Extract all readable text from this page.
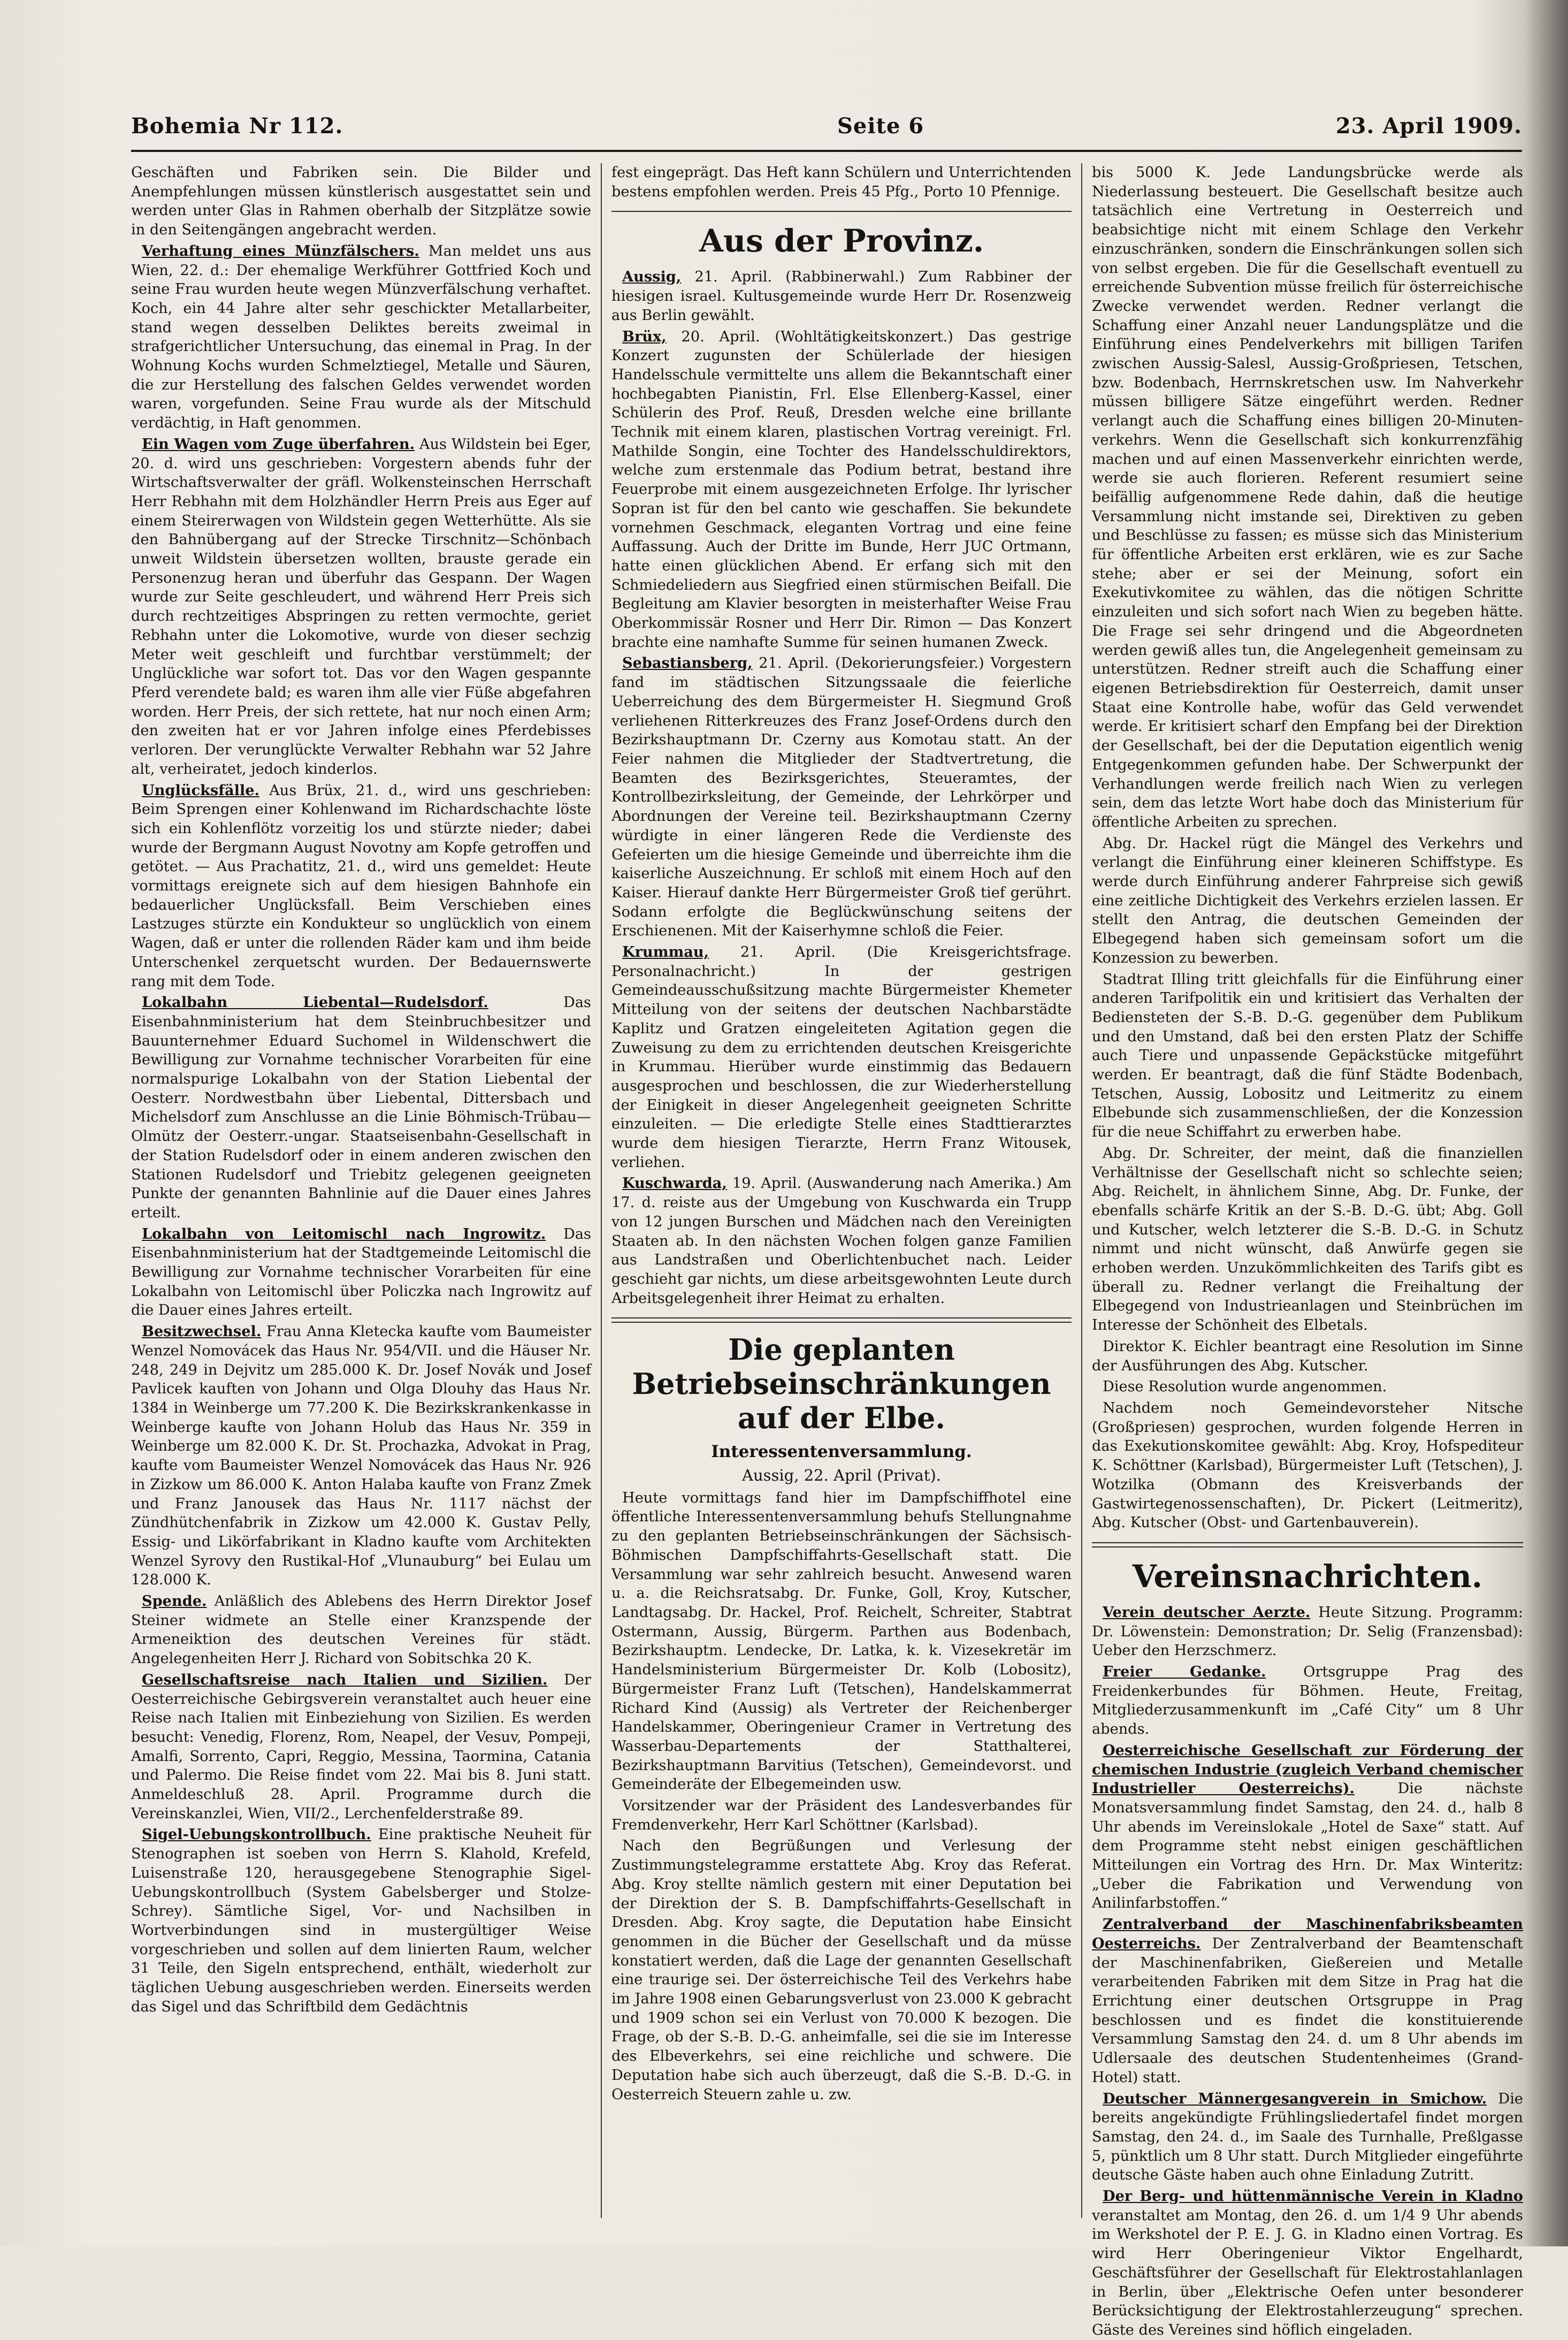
Bohemia Nr 112.	Seite 6	23. April 1909.

Geschäften und Fabriken sein. Die Bilder und Anempfehlungen müssen künstlerisch ausgestattet sein und werden unter Glas in Rahmen oberhalb der Sitzplätze sowie in den Seitengängen angebracht werden.

Verhaftung eines Münzfälschers. Man meldet uns aus Wien, 22. d.: Der ehemalige Werkführer Gottfried Koch und seine Frau wurden heute wegen Münzverfälschung verhaftet. Koch, ein 44 Jahre alter sehr geschickter Metallarbeiter, stand wegen desselben Deliktes bereits zweimal in strafgerichtlicher Untersuchung, das einemal in Prag. In der Wohnung Kochs wurden Schmelztiegel, Metalle und Säuren, die zur Herstellung des falschen Geldes verwendet worden waren, vorgefunden. Seine Frau wurde als der Mitschuld verdächtig, in Haft genommen.

Ein Wagen vom Zuge überfahren. Aus Wildstein bei Eger, 20. d. wird uns geschrieben: Vorgestern abends fuhr der Wirtschaftsverwalter der gräfl. Wolkensteinschen Herrschaft Herr Rebhahn mit dem Holzhändler Herrn Preis aus Eger auf einem Steirerwagen von Wildstein gegen Wetterhütte. Als sie den Bahnübergang auf der Strecke Tirschnitz—Schönbach unweit Wildstein übersetzen wollten, brauste gerade ein Personenzug heran und überfuhr das Gespann. Der Wagen wurde zur Seite geschleudert, und während Herr Preis sich durch rechtzeitiges Abspringen zu retten vermochte, geriet Rebhahn unter die Lokomotive, wurde von dieser sechzig Meter weit geschleift und furchtbar verstümmelt; der Unglückliche war sofort tot. Das vor den Wagen gespannte Pferd verendete bald; es waren ihm alle vier Füße abgefahren worden. Herr Preis, der sich rettete, hat nur noch einen Arm; den zweiten hat er vor Jahren infolge eines Pferdebisses verloren. Der verunglückte Verwalter Rebhahn war 52 Jahre alt, verheiratet, jedoch kinderlos.

Unglücksfälle. Aus Brüx, 21. d., wird uns geschrieben: Beim Sprengen einer Kohlenwand im Richardschachte löste sich ein Kohlenflötz vorzeitig los und stürzte nieder; dabei wurde der Bergmann August Novotny am Kopfe getroffen und getötet. — Aus Prachatitz, 21. d., wird uns gemeldet: Heute vormittags ereignete sich auf dem hiesigen Bahnhofe ein bedauerlicher Unglücksfall. Beim Verschieben eines Lastzuges stürzte ein Kondukteur so unglücklich von einem Wagen, daß er unter die rollenden Räder kam und ihm beide Unterschenkel zerquetscht wurden. Der Bedauernswerte rang mit dem Tode.

Lokalbahn Liebental—Rudelsdorf.	Das Eisenbahnministerium hat dem Steinbruchbesitzer und Bauunternehmer Eduard Suchomel in Wildenschwert die Bewilligung zur Vornahme technischer Vorarbeiten für eine normalspurige Lokalbahn von der Station Liebental der Oesterr. Nordwestbahn über Liebental, Dittersbach und Michelsdorf zum Anschlusse an die Linie Böhmisch-Trübau—Olmütz der Oesterr.-ungar. Staatseisenbahn-Gesellschaft in der Station Rudelsdorf oder in einem anderen zwischen den Stationen Rudelsdorf und Triebitz gelegenen geeigneten Punkte der genannten Bahnlinie auf die Dauer eines Jahres erteilt.

Lokalbahn von Leitomischl nach Ingrowitz. Das Eisenbahnministerium hat der Stadtgemeinde Leitomischl die Bewilligung zur Vornahme technischer Vorarbeiten für eine Lokalbahn von Leitomischl über Policzka nach Ingrowitz auf die Dauer eines Jahres erteilt.

Besitzwechsel. Frau Anna Kletecka kaufte vom Baumeister Wenzel Nomovácek das Haus Nr. 954/VII. und die Häuser Nr. 248, 249 in Dejvitz um 285.000 K. Dr. Josef Novák und Josef Pavlicek kauften von Johann und Olga Dlouhy das Haus Nr. 1384 in Weinberge um 77.200 K. Die Bezirkskrankenkasse in Weinberge kaufte von Johann Holub das Haus Nr. 359 in Weinberge um 82.000 K. Dr. St. Prochazka, Advokat in Prag, kaufte vom Baumeister Wenzel Nomovácek das Haus Nr. 926 in Zizkow um 86.000 K. Anton Halaba kaufte von Franz Zmek und Franz Janousek das Haus Nr. 1117 nächst der Zündhütchenfabrik in Zizkow um 42.000 K. Gustav Pelly, Essig- und Likörfabrikant in Kladno kaufte vom Architekten Wenzel Syrovy den Rustikal-Hof „Vlunauburg“ bei Eulau um 128.000 K.

Spende. Anläßlich des Ablebens des Herrn Direktor Josef Steiner widmete an Stelle einer Kranzspende der Armeneiktion des deutschen Vereines für städt. Angelegenheiten Herr J. Richard von Sobitschka 20 K.

Gesellschaftsreise nach Italien und Sizilien. Der Oesterreichische Gebirgsverein veranstaltet auch heuer eine Reise nach Italien mit Einbeziehung von Sizilien. Es werden besucht: Venedig, Florenz, Rom, Neapel, der Vesuv, Pompeji, Amalfi, Sorrento, Capri, Reggio, Messina, Taormina, Catania und Palermo. Die Reise findet vom 22. Mai bis 8. Juni statt. Anmeldeschluß 28. April. Programme durch die Vereinskanzlei, Wien, VII/2., Lerchenfelderstraße 89.

Sigel-Uebungskontrollbuch. Eine praktische Neuheit für Stenographen ist soeben von Herrn S. Klahold, Krefeld, Luisenstraße 120, herausgegebene Stenographie Sigel-Uebungskontrollbuch (System Gabelsberger und Stolze-Schrey). Sämtliche Sigel, Vor- und Nachsilben in Wortverbindungen sind in mustergültiger Weise vorgeschrieben und sollen auf dem linierten Raum, welcher 31 Teile, den Sigeln entsprechend, enthält, wiederholt zur täglichen Uebung ausgeschrieben werden. Einerseits werden das Sigel und das Schriftbild dem Gedächtnis

fest eingeprägt. Das Heft kann Schülern und Unterrichtenden bestens empfohlen werden. Preis 45 Pfg., Porto 10 Pfennige.

Aus der Provinz.

Aussig, 21. April. (Rabbinerwahl.) Zum Rabbiner der hiesigen israel. Kultusgemeinde wurde Herr Dr. Rosenzweig aus Berlin gewählt.

Brüx, 20. April. (Wohltätigkeitskonzert.) Das gestrige Konzert zugunsten der Schülerlade der hiesigen Handelsschule vermittelte uns allem die Bekanntschaft einer hochbegabten Pianistin, Frl. Else Ellenberg-Kassel, einer Schülerin des Prof. Reuß, Dresden welche eine brillante Technik mit einem klaren, plastischen Vortrag vereinigt. Frl. Mathilde Songin, eine Tochter des Handelsschuldirektors, welche zum erstenmale das Podium betrat, bestand ihre Feuerprobe mit einem ausgezeichneten Erfolge. Ihr lyrischer Sopran ist für den bel canto wie geschaffen. Sie bekundete vornehmen Geschmack, eleganten Vortrag und eine feine Auffassung. Auch der Dritte im Bunde, Herr JUC Ortmann, hatte einen glücklichen Abend. Er erfang sich mit den Schmiedeliedern aus Siegfried einen stürmischen Beifall. Die Begleitung am Klavier besorgten in meisterhafter Weise Frau Oberkommissär Rosner und Herr Dir. Rimon — Das Konzert brachte eine namhafte Summe für seinen humanen Zweck.

Sebastiansberg, 21. April. (Dekorierungsfeier.) Vorgestern fand im städtischen Sitzungssaale die feierliche Ueberreichung des dem Bürgermeister H. Siegmund Groß verliehenen Ritterkreuzes des Franz Josef-Ordens durch den Bezirkshauptmann Dr. Czerny aus Komotau statt. An der Feier nahmen die Mitglieder der Stadtvertretung, die Beamten des Bezirksgerichtes, Steueramtes, der Kontrollbezirksleitung, der Gemeinde, der Lehrkörper und Abordnungen der Vereine teil. Bezirkshauptmann Czerny würdigte in einer längeren Rede die Verdienste des Gefeierten um die hiesige Gemeinde und überreichte ihm die kaiserliche Auszeichnung. Er schloß mit einem Hoch auf den Kaiser. Hierauf dankte Herr Bürgermeister Groß tief gerührt. Sodann erfolgte die Beglückwünschung seitens der Erschienenen. Mit der Kaiserhymne schloß die Feier.

Krummau, 21. April. (Die Kreisgerichtsfrage. Personalnachricht.) In der gestrigen Gemeindeausschußsitzung machte Bürgermeister Khemeter Mitteilung von der seitens der deutschen Nachbarstädte Kaplitz und Gratzen eingeleiteten Agitation gegen die Zuweisung zu dem zu errichtenden deutschen Kreisgerichte in Krummau. Hierüber wurde einstimmig das Bedauern ausgesprochen und beschlossen, die zur Wiederherstellung der Einigkeit in dieser Angelegenheit geeigneten Schritte einzuleiten. — Die erledigte Stelle eines Stadttierarztes wurde dem hiesigen Tierarzte, Herrn Franz Witousek, verliehen.

Kuschwarda, 19. April. (Auswanderung nach Amerika.) Am 17. d. reiste aus der Umgebung von Kuschwarda ein Trupp von 12 jungen Burschen und Mädchen nach den Vereinigten Staaten ab. In den nächsten Wochen folgen ganze Familien aus Landstraßen und Oberlichtenbuchet nach. Leider geschieht gar nichts, um diese arbeitsgewohnten Leute durch Arbeitsgelegenheit ihrer Heimat zu erhalten.

Die geplanten Betriebseinschränkungen auf der Elbe.
Interessentenversammlung.
Aussig, 22. April (Privat).

Heute vormittags fand hier im Dampfschiffhotel eine öffentliche Interessentenversammlung behufs Stellungnahme zu den geplanten Betriebseinschränkungen der Sächsisch-Böhmischen Dampfschiffahrts-Gesellschaft statt. Die Versammlung war sehr zahlreich besucht. Anwesend waren u. a. die Reichsratsabg. Dr. Funke, Goll, Kroy, Kutscher, Landtagsabg. Dr. Hackel, Prof. Reichelt, Schreiter, Stabtrat Ostermann, Aussig, Bürgerm. Parthen aus Bodenbach, Bezirkshauptm. Lendecke, Dr. Latka, k. k. Vizesekretär im Handelsministerium Bürgermeister Dr. Kolb (Lobositz), Bürgermeister Franz Luft (Tetschen), Handelskammerrat Richard Kind (Aussig) als Vertreter der Reichenberger Handelskammer, Oberingenieur Cramer in Vertretung des Wasserbau-Departements der Statthalterei, Bezirkshauptmann Barvitius (Tetschen), Gemeindevorst. und Gemeinderäte der Elbegemeinden usw.

Vorsitzender war der Präsident des Landesverbandes für Fremdenverkehr, Herr Karl Schöttner (Karlsbad).

Nach den Begrüßungen und Verlesung der Zustimmungstelegramme erstattete Abg. Kroy das Referat. Abg. Kroy stellte nämlich gestern mit einer Deputation bei der Direktion der S. B. Dampfschiffahrts-Gesellschaft in Dresden. Abg. Kroy sagte, die Deputation habe Einsicht genommen in die Bücher der Gesellschaft und da müsse konstatiert werden, daß die Lage der genannten Gesellschaft eine traurige sei. Der österreichische Teil des Verkehrs habe im Jahre 1908 einen Gebarungsverlust von 23.000 K gebracht und 1909 schon sei ein Verlust von 70.000 K bezogen. Die Frage, ob der S.-B. D.-G. anheimfalle, sei die sie im Interesse des Elbeverkehrs, sei eine reichliche und schwere. Die Deputation habe sich auch überzeugt, daß die S.-B. D.-G. in Oesterreich Steuern zahle u. zw.

bis 5000 K. Jede Landungsbrücke werde als Niederlassung besteuert. Die Gesellschaft besitze auch tatsächlich eine Vertretung in Oesterreich und beabsichtige nicht mit einem Schlage den Verkehr einzuschränken, sondern die Einschränkungen sollen sich von selbst ergeben. Die für die Gesellschaft eventuell zu erreichende Subvention müsse freilich für österreichische Zwecke verwendet werden. Redner verlangt die Schaffung einer Anzahl neuer Landungsplätze und die Einführung eines Pendelverkehrs mit billigen Tarifen zwischen Aussig-Salesl, Aussig-Großpriesen, Tetschen, bzw. Bodenbach, Herrnskretschen usw. Im Nahverkehr müssen billigere Sätze eingeführt werden. Redner verlangt auch die Schaffung eines billigen 20-Minuten-verkehrs. Wenn die Gesellschaft sich konkurrenzfähig machen und auf einen Massenverkehr einrichten werde, werde sie auch florieren. Referent resumiert seine beifällig aufgenommene Rede dahin, daß die heutige Versammlung nicht imstande sei, Direktiven zu geben und Beschlüsse zu fassen; es müsse sich das Ministerium für öffentliche Arbeiten erst erklären, wie es zur Sache stehe; aber er sei der Meinung, sofort ein Exekutivkomitee zu wählen, das die nötigen Schritte einzuleiten und sich sofort nach Wien zu begeben hätte. Die Frage sei sehr dringend und die Abgeordneten werden gewiß alles tun, die Angelegenheit gemeinsam zu unterstützen. Redner streift auch die Schaffung einer eigenen Betriebsdirektion für Oesterreich, damit unser Staat eine Kontrolle habe, wofür das Geld verwendet werde. Er kritisiert scharf den Empfang bei der Direktion der Gesellschaft, bei der die Deputation eigentlich wenig Entgegenkommen gefunden habe. Der Schwerpunkt der Verhandlungen werde freilich nach Wien zu verlegen sein, dem das letzte Wort habe doch das Ministerium für öffentliche Arbeiten zu sprechen.

Abg. Dr. Hackel rügt die Mängel des Verkehrs und verlangt die Einführung einer kleineren Schiffstype. Es werde durch Einführung anderer Fahrpreise sich gewiß eine zeitliche Dichtigkeit des Verkehrs erzielen lassen. Er stellt den Antrag, die deutschen Gemeinden der Elbegegend haben sich gemeinsam sofort um die Konzession zu bewerben.

Stadtrat Illing tritt gleichfalls für die Einführung einer anderen Tarifpolitik ein und kritisiert das Verhalten der Bediensteten der S.-B. D.-G. gegenüber dem Publikum und den Umstand, daß bei den ersten Platz der Schiffe auch Tiere und unpassende Gepäckstücke mitgeführt werden. Er beantragt, daß die fünf Städte Bodenbach, Tetschen, Aussig, Lobositz und Leitmeritz zu einem Elbebunde sich zusammenschließen, der die Konzession für die neue Schiffahrt zu erwerben habe.

Abg. Dr. Schreiter, der meint, daß die finanziellen Verhältnisse der Gesellschaft nicht so schlechte seien; Abg. Reichelt, in ähnlichem Sinne, Abg. Dr. Funke, der ebenfalls schärfe Kritik an der S.-B. D.-G. übt; Abg. Goll und Kutscher, welch letzterer die S.-B. D.-G. in Schutz nimmt und nicht wünscht, daß Anwürfe gegen sie erhoben werden. Unzukömmlichkeiten des Tarifs gibt es überall zu. Redner verlangt die Freihaltung der Elbegegend von Industrieanlagen und Steinbrüchen im Interesse der Schönheit des Elbetals.

Direktor K. Eichler beantragt eine Resolution im Sinne der Ausführungen des Abg. Kutscher.

Diese Resolution wurde angenommen.

Nachdem noch Gemeindevorsteher Nitsche (Großpriesen) gesprochen, wurden folgende Herren in das Exekutionskomitee gewählt: Abg. Kroy, Hofspediteur K. Schöttner (Karlsbad), Bürgermeister Luft (Tetschen), J. Wotzilka (Obmann des Kreisverbands der Gastwirtegenossenschaften), Dr. Pickert (Leitmeritz), Abg. Kutscher (Obst- und Gartenbauverein).

Vereinsnachrichten.

Verein deutscher Aerzte. Heute Sitzung. Programm: Dr. Löwenstein: Demonstration; Dr. Selig (Franzensbad): Ueber den Herzschmerz.

Freier Gedanke.	Ortsgruppe Prag des Freidenkerbundes für Böhmen. Heute, Freitag, Mitgliederzusammenkunft im „Café City“ um 8 Uhr abends.

Oesterreichische Gesellschaft zur Förderung der chemischen Industrie (zugleich Verband chemischer Industrieller Oesterreichs).	Die nächste Monatsversammlung findet Samstag, den 24. d., halb 8 Uhr abends im Vereinslokale „Hotel de Saxe“ statt. Auf dem Programme steht nebst einigen geschäftlichen Mitteilungen ein Vortrag des Hrn. Dr. Max Winteritz: „Ueber die Fabrikation und Verwendung von Anilinfarbstoffen.“

Zentralverband der Maschinenfabriksbeamten Oesterreichs. Der Zentralverband der Beamtenschaft der Maschinenfabriken, Gießereien und Metalle verarbeitenden Fabriken mit dem Sitze in Prag hat die Errichtung einer deutschen Ortsgruppe in Prag beschlossen und es findet die konstituierende Versammlung Samstag den 24. d. um 8 Uhr abends im Udlersaale des deutschen Studentenheimes (Grand-Hotel) statt.

Deutscher Männergesangverein in Smichow. Die bereits angekündigte Frühlingsliedertafel findet morgen Samstag, den 24. d., im Saale des Turnhalle, Preßlgasse 5, pünktlich um 8 Uhr statt. Durch Mitglieder eingeführte deutsche Gäste haben auch ohne Einladung Zutritt.

Der Berg- und hüttenmännische Verein in Kladno veranstaltet am Montag, den 26. d. um 1/4 9 Uhr abends im Werkshotel der P. E. J. G. in Kladno einen Vortrag. Es wird Herr Oberingenieur Viktor Engelhardt, Geschäftsführer der Gesellschaft für Elektrostahlanlagen in Berlin, über „Elektrische Oefen unter besonderer Berücksichtigung der Elektrostahlerzeugung“ sprechen. Gäste des Vereines sind höflich eingeladen.
